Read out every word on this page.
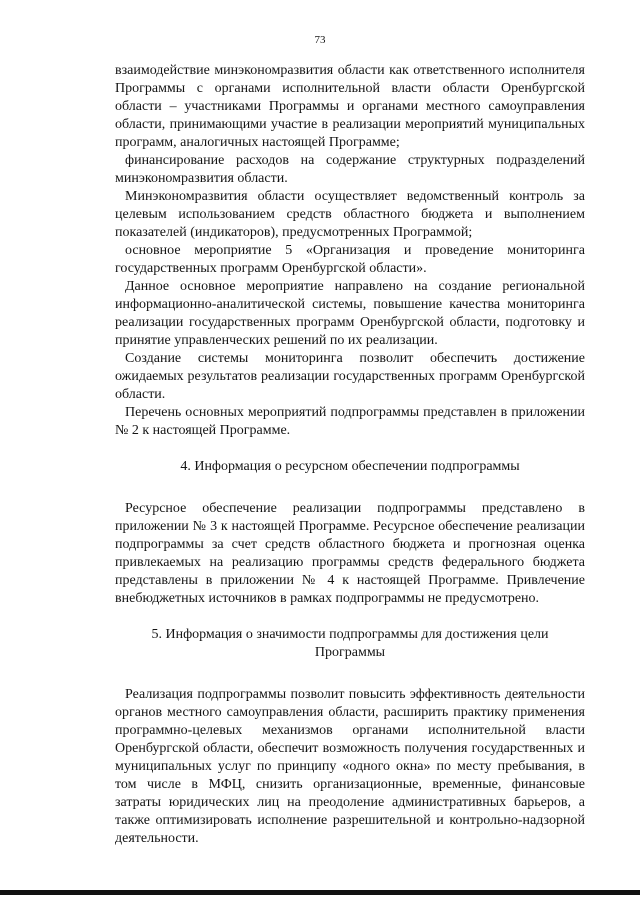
73

взаимодействие минэкономразвития области как ответственного исполнителя Программы с органами исполнительной власти области Оренбургской области – участниками Программы и органами местного самоуправления области, принимающими участие в реализации мероприятий муниципальных программ, аналогичных настоящей Программе;

финансирование расходов на содержание структурных подразделений минэкономразвития области.

Минэкономразвития области осуществляет ведомственный контроль за целевым использованием средств областного бюджета и выполнением показателей (индикаторов), предусмотренных Программой;

основное мероприятие 5 «Организация и проведение мониторинга государственных программ Оренбургской области».

Данное основное мероприятие направлено на создание региональной информационно-аналитической системы, повышение качества мониторинга реализации государственных программ Оренбургской области, подготовку и принятие управленческих решений по их реализации.

Создание системы мониторинга позволит обеспечить достижение ожидаемых результатов реализации государственных программ Оренбургской области.

Перечень основных мероприятий подпрограммы представлен в приложении № 2 к настоящей Программе.

4. Информация о ресурсном обеспечении подпрограммы

Ресурсное обеспечение реализации подпрограммы представлено в приложении № 3 к настоящей Программе. Ресурсное обеспечение реализации подпрограммы за счет средств областного бюджета и прогнозная оценка привлекаемых на реализацию программы средств федерального бюджета представлены в приложении № 4 к настоящей Программе. Привлечение внебюджетных источников в рамках подпрограммы не предусмотрено.

5. Информация о значимости подпрограммы для достижения цели

Программы

Реализация подпрограммы позволит повысить эффективность деятельности органов местного самоуправления области, расширить практику применения программно-целевых механизмов органами исполнительной власти Оренбургской области, обеспечит возможность получения государственных и муниципальных услуг по принципу «одного окна» по месту пребывания, в том числе в МФЦ, снизить организационные, временные, финансовые затраты юридических лиц на преодоление административных барьеров, а также оптимизировать исполнение разрешительной и контрольно-надзорной деятельности.
